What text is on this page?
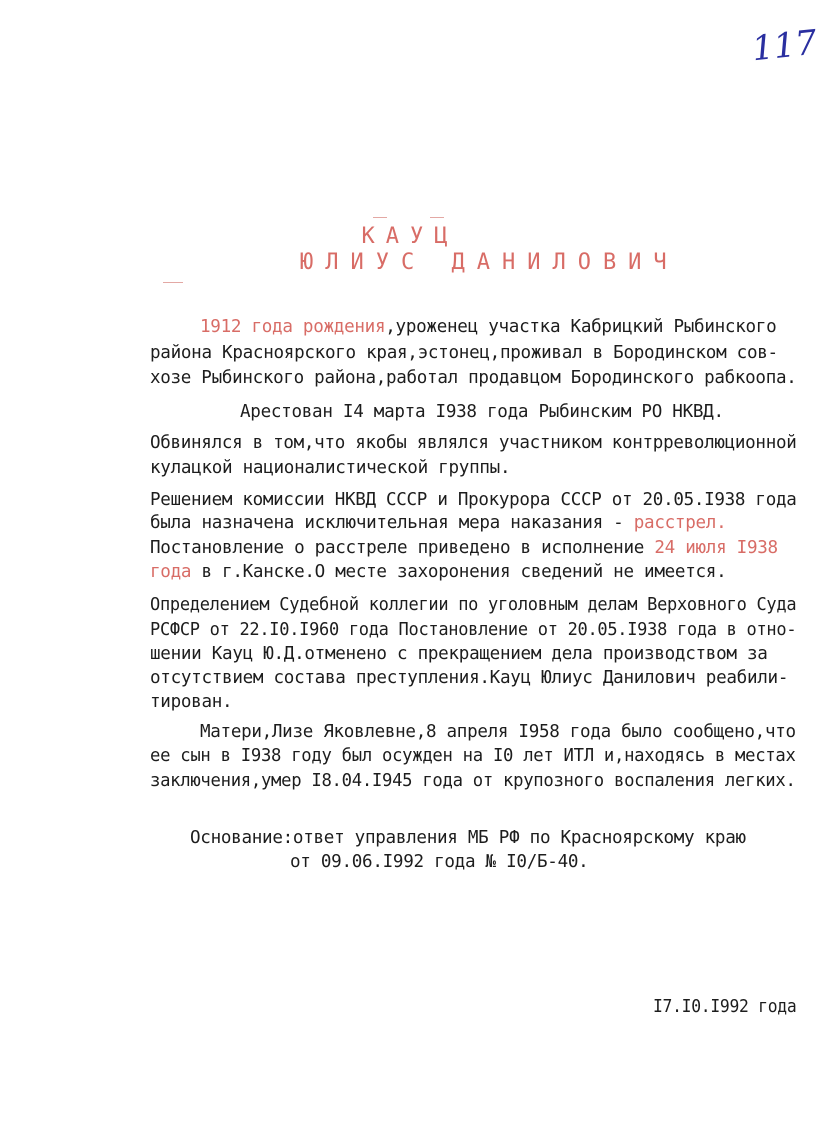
117
КАУЦ
ЮЛИУС ДАНИЛОВИЧ
1912 года рождения,уроженец участка Кабрицкий Рыбинского
района Красноярского края,эстонец,проживал в Бородинском сов-
хозе Рыбинского района,работал продавцом Бородинского рабкоопа.
Арестован I4 марта I938 года Рыбинским РО НКВД.
Обвинялся в том,что якобы являлся участником контрреволюционной
кулацкой националистической группы.
Решением комиссии НКВД СССР и Прокурора СССР от 20.05.I938 года
была назначена исключительная мера наказания - расстрел.
Постановление о расстреле приведено в исполнение 24 июля I938
года в г.Канске.О месте захоронения сведений не имеется.
Определением Судебной коллегии по уголовным делам Верховного Суда
РСФСР от 22.I0.I960 года Постановление от 20.05.I938 года в отно-
шении Кауц Ю.Д.отменено с прекращением дела производством за
отсутствием состава преступления.Кауц Юлиус Данилович реабили-
тирован.
Матери,Лизе Яковлевне,8 апреля I958 года было сообщено,что
ее сын в I938 году был осужден на I0 лет ИТЛ и,находясь в местах
заключения,умер I8.04.I945 года от крупозного воспаления легких.
Основание:ответ управления МБ РФ по Красноярскому краю
от 09.06.I992 года № I0/Б-40.
I7.I0.I992 года
